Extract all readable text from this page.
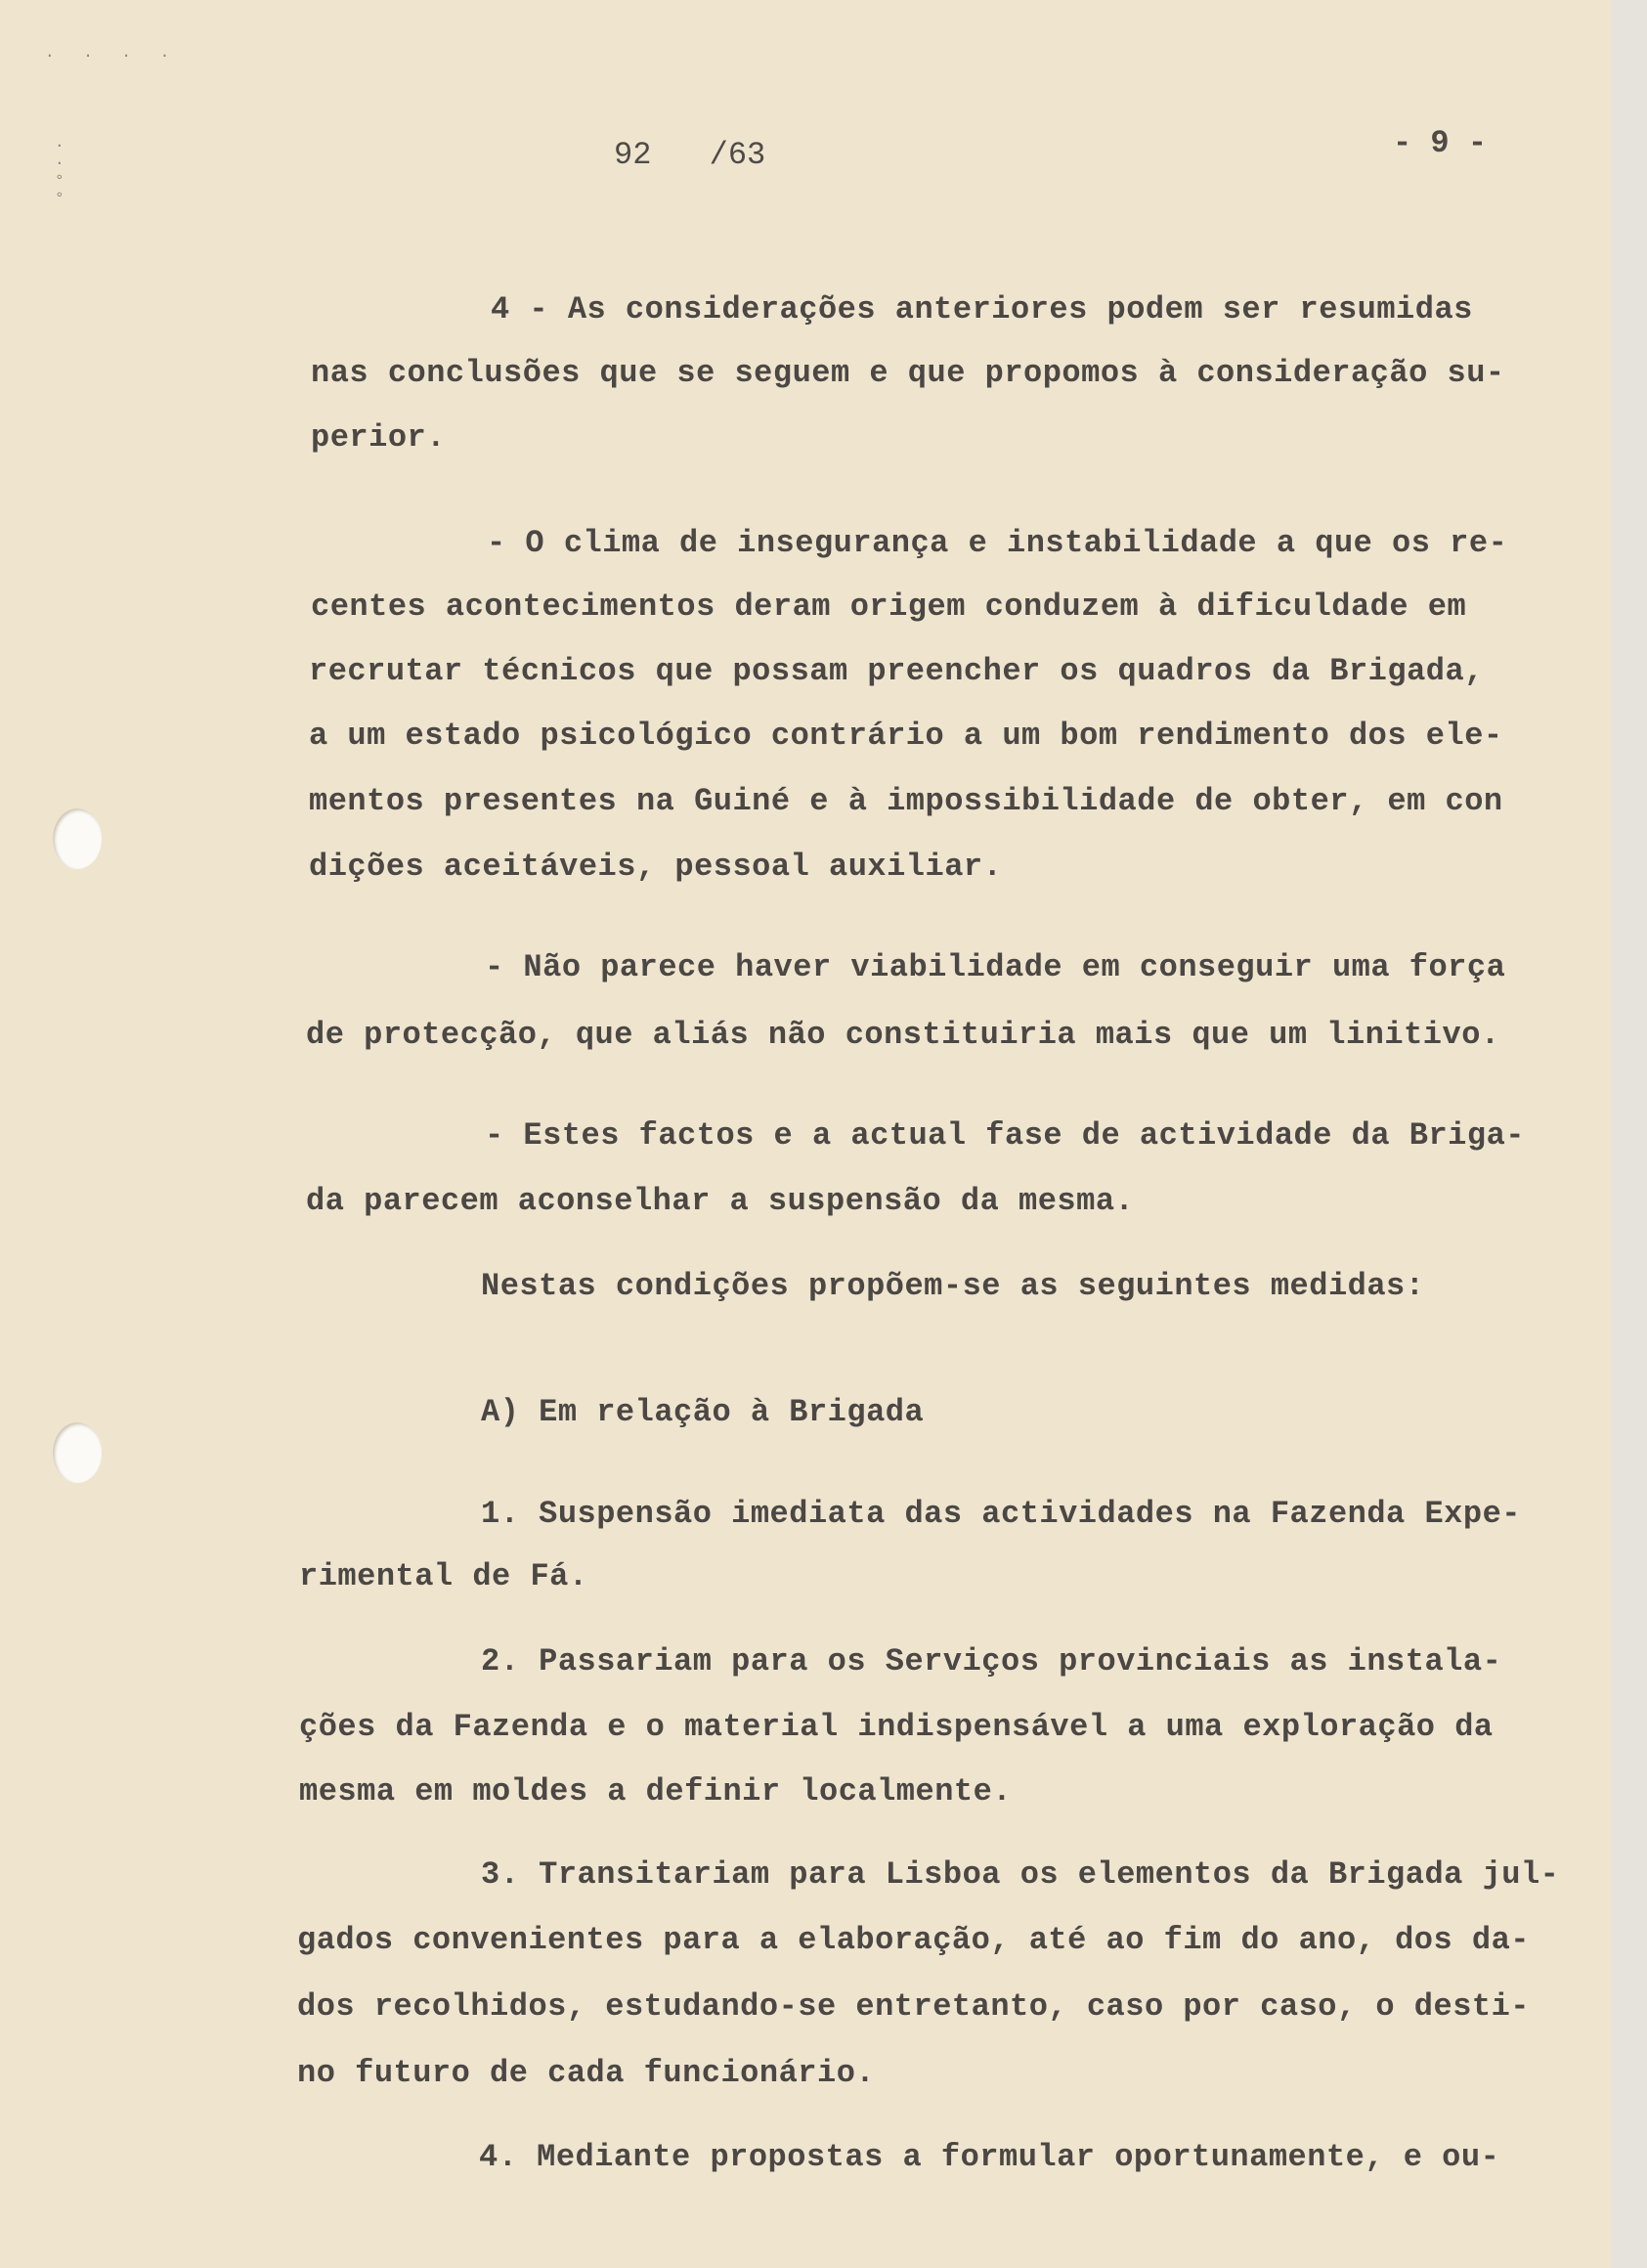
· · · ·
·
·
°
°
92 /63	- 9 -

4 - As considerações anteriores podem ser resumidas

nas conclusões que se seguem e que propomos à consideração su-

perior.

- O clima de insegurança e instabilidade a que os re-

centes acontecimentos deram origem conduzem à dificuldade em

recrutar técnicos que possam preencher os quadros da Brigada,

a um estado psicológico contrário a um bom rendimento dos ele-

mentos presentes na Guiné e à impossibilidade de obter, em con

dições aceitáveis, pessoal auxiliar.

- Não parece haver viabilidade em conseguir uma força

de protecção, que aliás não constituiria mais que um linitivo.

- Estes factos e a actual fase de actividade da Briga-

da parecem aconselhar a suspensão da mesma.

Nestas condições propõem-se as seguintes medidas:

A) Em relação à Brigada

1. Suspensão imediata das actividades na Fazenda Expe-

rimental de Fá.

2. Passariam para os Serviços provinciais as instala-

ções da Fazenda e o material indispensável a uma exploração da

mesma em moldes a definir localmente.

3. Transitariam para Lisboa os elementos da Brigada jul-

gados convenientes para a elaboração, até ao fim do ano, dos da-

dos recolhidos, estudando-se entretanto, caso por caso, o desti-

no futuro de cada funcionário.

4. Mediante propostas a formular oportunamente, e ou-
